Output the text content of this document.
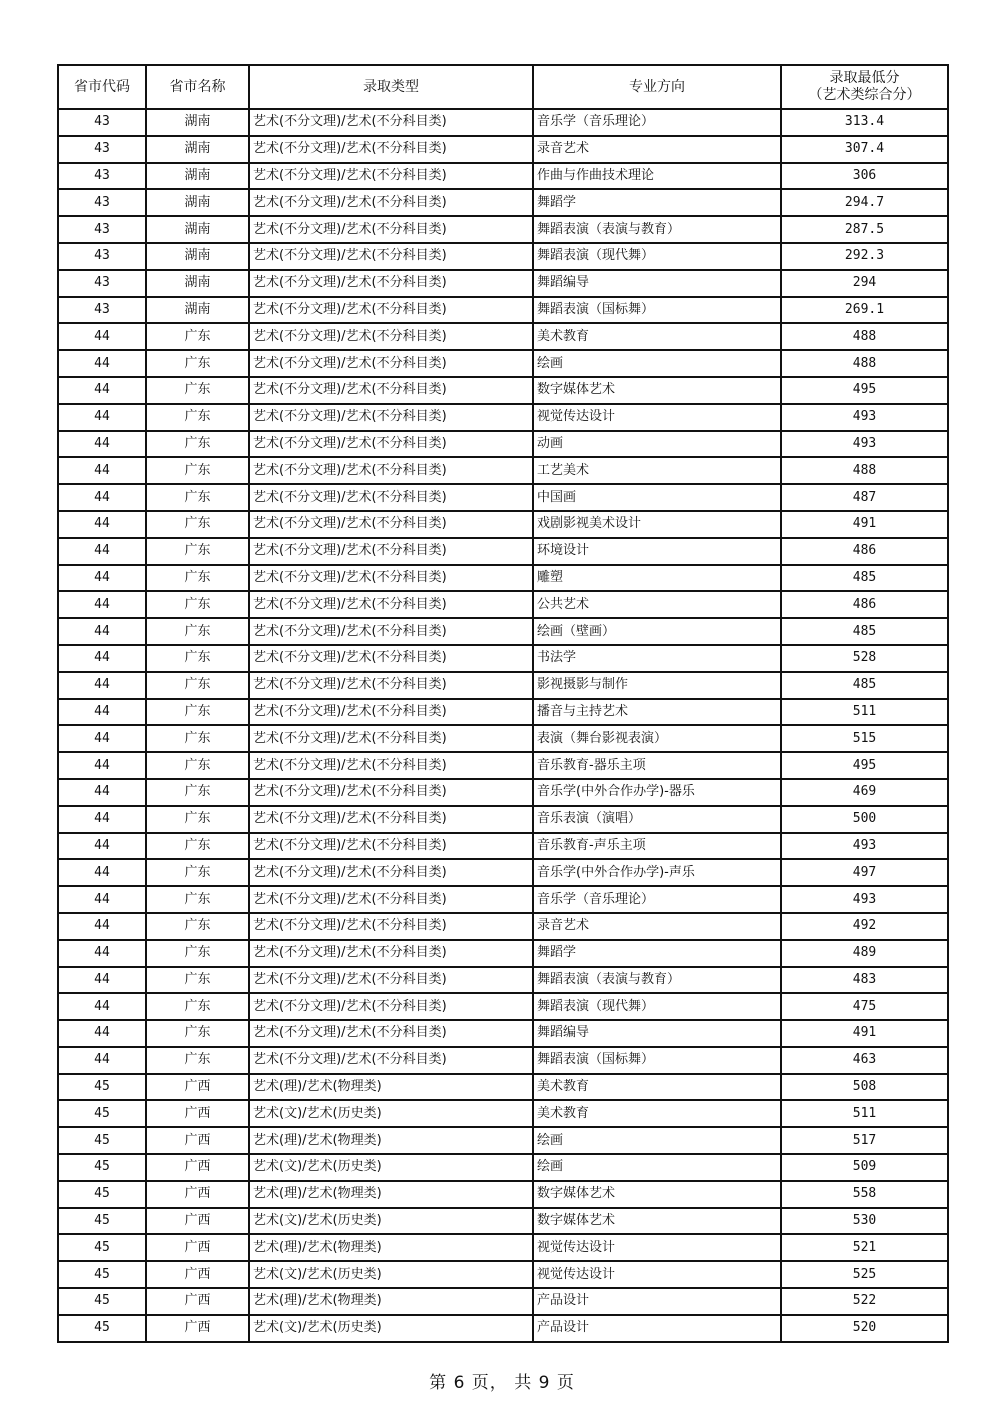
省市代码	省市名称	录取类型	专业方向	录取最低分
（艺术类综合分）

43	湖南	艺术(不分文理)/艺术(不分科目类)	音乐学（音乐理论）	313.4
43	湖南	艺术(不分文理)/艺术(不分科目类)	录音艺术	307.4
43	湖南	艺术(不分文理)/艺术(不分科目类)	作曲与作曲技术理论	306
43	湖南	艺术(不分文理)/艺术(不分科目类)	舞蹈学	294.7
43	湖南	艺术(不分文理)/艺术(不分科目类)	舞蹈表演（表演与教育）	287.5
43	湖南	艺术(不分文理)/艺术(不分科目类)	舞蹈表演（现代舞）	292.3
43	湖南	艺术(不分文理)/艺术(不分科目类)	舞蹈编导	294
43	湖南	艺术(不分文理)/艺术(不分科目类)	舞蹈表演（国标舞）	269.1
44	广东	艺术(不分文理)/艺术(不分科目类)	美术教育	488
44	广东	艺术(不分文理)/艺术(不分科目类)	绘画	488
44	广东	艺术(不分文理)/艺术(不分科目类)	数字媒体艺术	495
44	广东	艺术(不分文理)/艺术(不分科目类)	视觉传达设计	493
44	广东	艺术(不分文理)/艺术(不分科目类)	动画	493
44	广东	艺术(不分文理)/艺术(不分科目类)	工艺美术	488
44	广东	艺术(不分文理)/艺术(不分科目类)	中国画	487
44	广东	艺术(不分文理)/艺术(不分科目类)	戏剧影视美术设计	491
44	广东	艺术(不分文理)/艺术(不分科目类)	环境设计	486
44	广东	艺术(不分文理)/艺术(不分科目类)	雕塑	485
44	广东	艺术(不分文理)/艺术(不分科目类)	公共艺术	486
44	广东	艺术(不分文理)/艺术(不分科目类)	绘画（壁画）	485
44	广东	艺术(不分文理)/艺术(不分科目类)	书法学	528
44	广东	艺术(不分文理)/艺术(不分科目类)	影视摄影与制作	485
44	广东	艺术(不分文理)/艺术(不分科目类)	播音与主持艺术	511
44	广东	艺术(不分文理)/艺术(不分科目类)	表演（舞台影视表演）	515
44	广东	艺术(不分文理)/艺术(不分科目类)	音乐教育-器乐主项	495
44	广东	艺术(不分文理)/艺术(不分科目类)	音乐学(中外合作办学)-器乐	469
44	广东	艺术(不分文理)/艺术(不分科目类)	音乐表演（演唱）	500
44	广东	艺术(不分文理)/艺术(不分科目类)	音乐教育-声乐主项	493
44	广东	艺术(不分文理)/艺术(不分科目类)	音乐学(中外合作办学)-声乐	497
44	广东	艺术(不分文理)/艺术(不分科目类)	音乐学（音乐理论）	493
44	广东	艺术(不分文理)/艺术(不分科目类)	录音艺术	492
44	广东	艺术(不分文理)/艺术(不分科目类)	舞蹈学	489
44	广东	艺术(不分文理)/艺术(不分科目类)	舞蹈表演（表演与教育）	483
44	广东	艺术(不分文理)/艺术(不分科目类)	舞蹈表演（现代舞）	475
44	广东	艺术(不分文理)/艺术(不分科目类)	舞蹈编导	491
44	广东	艺术(不分文理)/艺术(不分科目类)	舞蹈表演（国标舞）	463
45	广西	艺术(理)/艺术(物理类)	美术教育	508
45	广西	艺术(文)/艺术(历史类)	美术教育	511
45	广西	艺术(理)/艺术(物理类)	绘画	517
45	广西	艺术(文)/艺术(历史类)	绘画	509
45	广西	艺术(理)/艺术(物理类)	数字媒体艺术	558
45	广西	艺术(文)/艺术(历史类)	数字媒体艺术	530
45	广西	艺术(理)/艺术(物理类)	视觉传达设计	521
45	广西	艺术(文)/艺术(历史类)	视觉传达设计	525
45	广西	艺术(理)/艺术(物理类)	产品设计	522
45	广西	艺术(文)/艺术(历史类)	产品设计	520
第 6 页， 共 9 页
